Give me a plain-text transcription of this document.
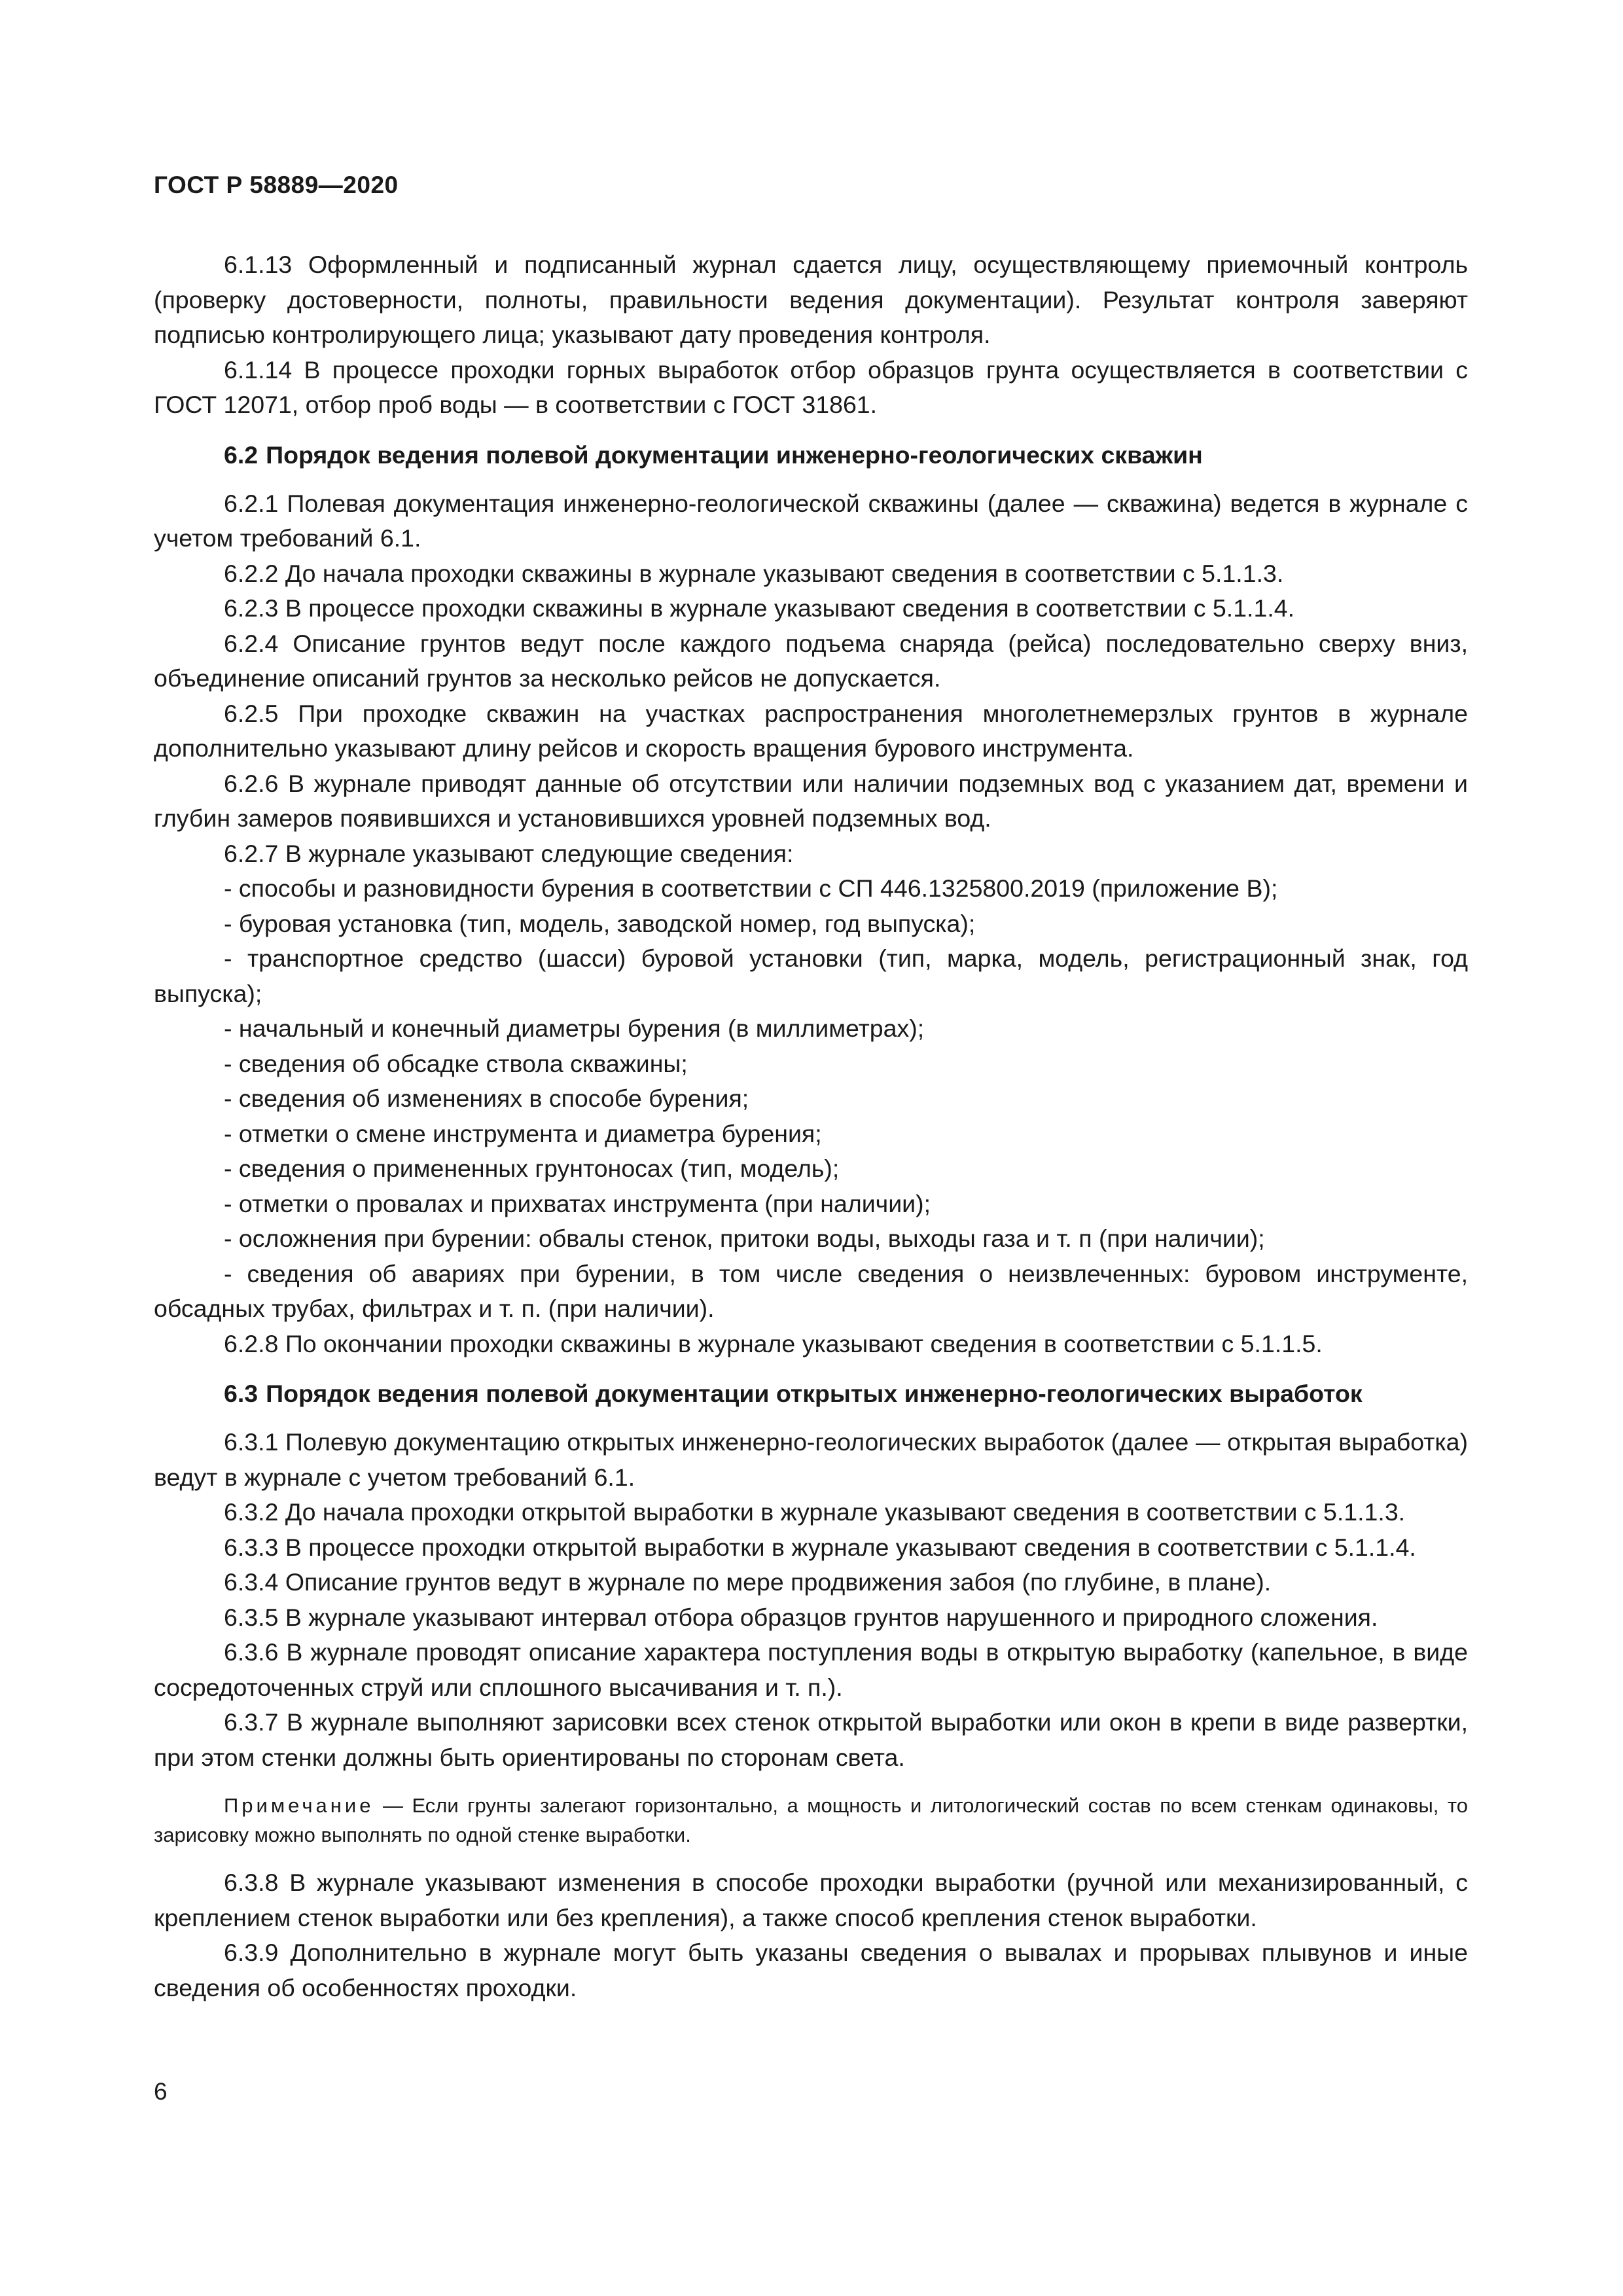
ГОСТ Р 58889—2020

6.1.13 Оформленный и подписанный журнал сдается лицу, осуществляющему приемочный контроль (проверку достоверности, полноты, правильности ведения документации). Результат контроля заверяют подписью контролирующего лица; указывают дату проведения контроля.

6.1.14 В процессе проходки горных выработок отбор образцов грунта осуществляется в соответствии с ГОСТ 12071, отбор проб воды — в соответствии с ГОСТ 31861.

6.2 Порядок ведения полевой документации инженерно-геологических скважин

6.2.1 Полевая документация инженерно-геологической скважины (далее — скважина) ведется в журнале с учетом требований 6.1.

6.2.2 До начала проходки скважины в журнале указывают сведения в соответствии с 5.1.1.3.

6.2.3 В процессе проходки скважины в журнале указывают сведения в соответствии с 5.1.1.4.

6.2.4 Описание грунтов ведут после каждого подъема снаряда (рейса) последовательно сверху вниз, объединение описаний грунтов за несколько рейсов не допускается.

6.2.5 При проходке скважин на участках распространения многолетнемерзлых грунтов в журнале дополнительно указывают длину рейсов и скорость вращения бурового инструмента.

6.2.6 В журнале приводят данные об отсутствии или наличии подземных вод с указанием дат, времени и глубин замеров появившихся и установившихся уровней подземных вод.

6.2.7 В журнале указывают следующие сведения:

- способы и разновидности бурения в соответствии с СП 446.1325800.2019 (приложение В);

- буровая установка (тип, модель, заводской номер, год выпуска);

- транспортное средство (шасси) буровой установки (тип, марка, модель, регистрационный знак, год выпуска);

- начальный и конечный диаметры бурения (в миллиметрах);

- сведения об обсадке ствола скважины;

- сведения об изменениях в способе бурения;

- отметки о смене инструмента и диаметра бурения;

- сведения о примененных грунтоносах (тип, модель);

- отметки о провалах и прихватах инструмента (при наличии);

- осложнения при бурении: обвалы стенок, притоки воды, выходы газа и т. п (при наличии);

- сведения об авариях при бурении, в том числе сведения о неизвлеченных: буровом инструменте, обсадных трубах, фильтрах и т. п. (при наличии).

6.2.8 По окончании проходки скважины в журнале указывают сведения в соответствии с 5.1.1.5.

6.3 Порядок ведения полевой документации открытых инженерно-геологических выработок

6.3.1 Полевую документацию открытых инженерно-геологических выработок (далее — открытая выработка) ведут в журнале с учетом требований 6.1.

6.3.2 До начала проходки открытой выработки в журнале указывают сведения в соответствии с 5.1.1.3.

6.3.3 В процессе проходки открытой выработки в журнале указывают сведения в соответствии с 5.1.1.4.

6.3.4 Описание грунтов ведут в журнале по мере продвижения забоя (по глубине, в плане).

6.3.5 В журнале указывают интервал отбора образцов грунтов нарушенного и природного сложения.

6.3.6 В журнале проводят описание характера поступления воды в открытую выработку (капельное, в виде сосредоточенных струй или сплошного высачивания и т. п.).

6.3.7 В журнале выполняют зарисовки всех стенок открытой выработки или окон в крепи в виде развертки, при этом стенки должны быть ориентированы по сторонам света.

Примечание — Если грунты залегают горизонтально, а мощность и литологический состав по всем стенкам одинаковы, то зарисовку можно выполнять по одной стенке выработки.

6.3.8 В журнале указывают изменения в способе проходки выработки (ручной или механизированный, с креплением стенок выработки или без крепления), а также способ крепления стенок выработки.

6.3.9 Дополнительно в журнале могут быть указаны сведения о вывалах и прорывах плывунов и иные сведения об особенностях проходки.

6
